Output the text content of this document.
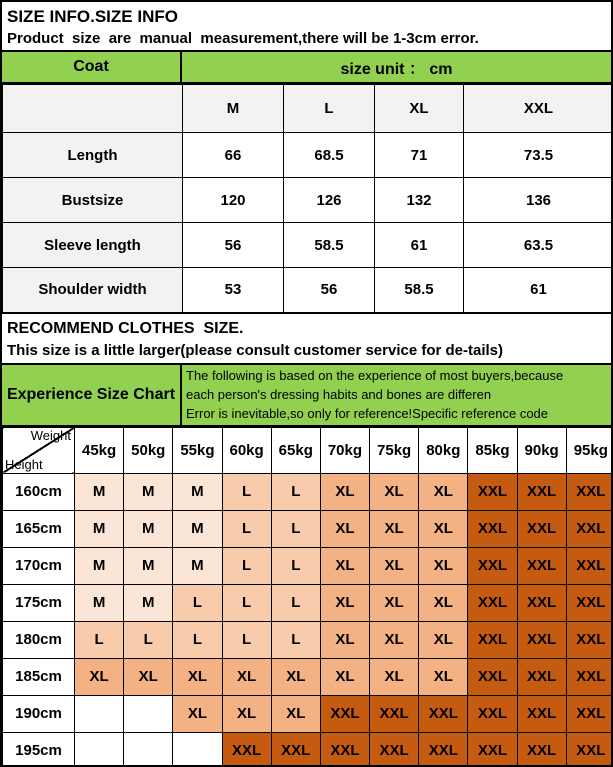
SIZE INFO.SIZE INFO
Product  size  are  manual  measurement,there will be 1-3cm error.
Coat	size unit ： cm
	M	L	XL	XXL
Length	66	68.5	71	73.5
Bustsize	120	126	132	136
Sleeve length	56	58.5	61	63.5
Shoulder width	53	56	58.5	61
RECOMMEND CLOTHES  SIZE.
This size is a little larger(please consult customer service for de-tails)
Experience Size Chart
The following is based on the experience of most buyers,because
each person's dressing habits and bones are differen
Error is inevitable,so only for reference!Specific reference code
Weight
Height	45kg	50kg	55kg	60kg	65kg	70kg	75kg	80kg	85kg	90kg	95kg
160cm	M	M	M	L	L	XL	XL	XL	XXL	XXL	XXL
165cm	M	M	M	L	L	XL	XL	XL	XXL	XXL	XXL
170cm	M	M	M	L	L	XL	XL	XL	XXL	XXL	XXL
175cm	M	M	L	L	L	XL	XL	XL	XXL	XXL	XXL
180cm	L	L	L	L	L	XL	XL	XL	XXL	XXL	XXL
185cm	XL	XL	XL	XL	XL	XL	XL	XL	XXL	XXL	XXL
190cm			XL	XL	XL	XXL	XXL	XXL	XXL	XXL	XXL
195cm				XXL	XXL	XXL	XXL	XXL	XXL	XXL	XXL
